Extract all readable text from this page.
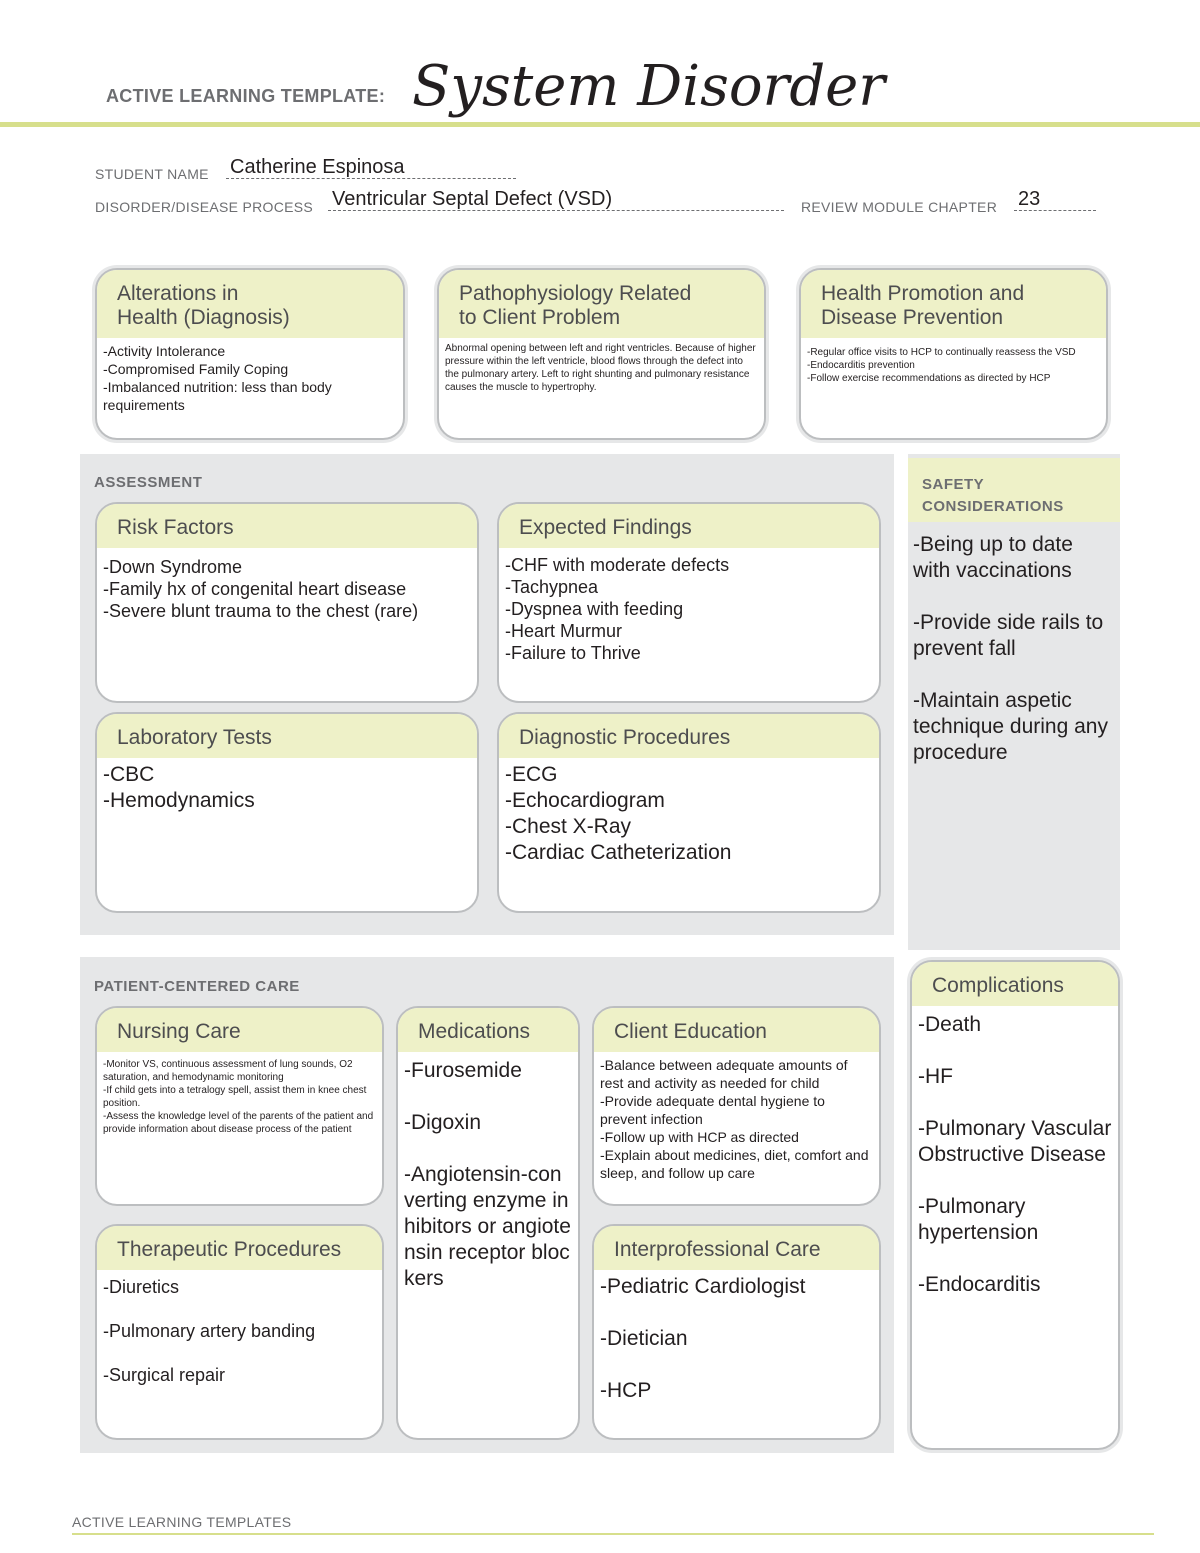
ACTIVE LEARNING TEMPLATE: System Disorder
STUDENT NAME Catherine Espinosa
DISORDER/DISEASE PROCESS Ventricular Septal Defect (VSD)	REVIEW MODULE CHAPTER 23
Alterations in
Health (Diagnosis)
-Activity Intolerance
-Compromised Family Coping
-Imbalanced nutrition: less than body requirements
Pathophysiology Related
to Client Problem
Abnormal opening between left and right ventricles. Because of higher pressure within the left ventricle, blood flows through the defect into the pulmonary artery. Left to right shunting and pulmonary resistance causes the muscle to hypertrophy.
Health Promotion and
Disease Prevention
-Regular office visits to HCP to continually reassess the VSD
-Endocarditis prevention
-Follow exercise recommendations as directed by HCP
ASSESSMENT
Risk Factors
-Down Syndrome
-Family hx of congenital heart disease
-Severe blunt trauma to the chest (rare)
Expected Findings
-CHF with moderate defects
-Tachypnea
-Dyspnea with feeding
-Heart Murmur
-Failure to Thrive
Laboratory Tests
-CBC
-Hemodynamics
Diagnostic Procedures
-ECG
-Echocardiogram
-Chest X-Ray
-Cardiac Catheterization
SAFETY
CONSIDERATIONS
-Being up to date with vaccinations
-Provide side rails to prevent fall
-Maintain aspetic technique during any procedure
PATIENT-CENTERED CARE
Nursing Care
-Monitor VS, continuous assessment of lung sounds, O2 saturation, and hemodynamic monitoring
-If child gets into a tetralogy spell, assist them in knee chest position.
-Assess the knowledge level of the parents of the patient and provide information about disease process of the patient
Medications
-Furosemide
-Digoxin
-Angiotensin-converting enzyme inhibitors or angiotensin receptor blockers
Client Education
-Balance between adequate amounts of rest and activity as needed for child
-Provide adequate dental hygiene to prevent infection
-Follow up with HCP as directed
-Explain about medicines, diet, comfort and sleep, and follow up care
Therapeutic Procedures
-Diuretics
-Pulmonary artery banding
-Surgical repair
Interprofessional Care
-Pediatric Cardiologist
-Dietician
-HCP
Complications
-Death
-HF
-Pulmonary Vascular Obstructive Disease
-Pulmonary hypertension
-Endocarditis
ACTIVE LEARNING TEMPLATES
